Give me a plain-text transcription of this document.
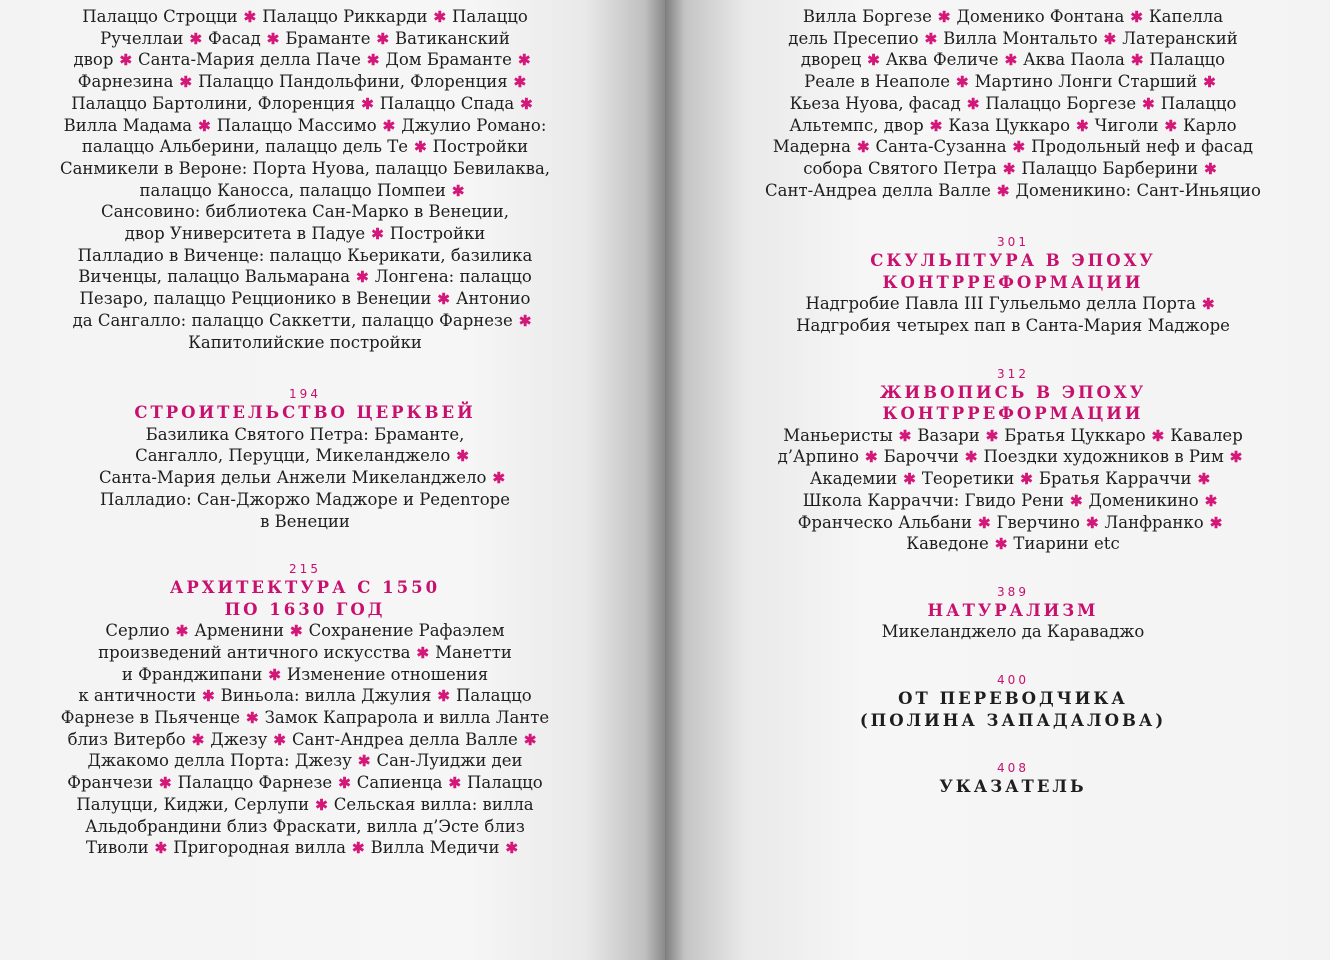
Палаццо Строцци ✱ Палаццо Риккарди ✱ Палаццо
Ручеллаи ✱ Фасад ✱ Браманте ✱ Ватиканский
двор ✱ Санта-Мария делла Паче ✱ Дом Браманте ✱
Фарнезина ✱ Палаццо Пандольфини, Флоренция ✱
Палаццо Бартолини, Флоренция ✱ Палаццо Спада ✱
Вилла Мадама ✱ Палаццо Массимо ✱ Джулио Романо:
палаццо Альберини, палаццо дель Те ✱ Постройки
Санмикели в Вероне: Порта Нуова, палаццо Бевилаква,
палаццо Каносса, палаццо Помпеи ✱
Сансовино: библиотека Сан-Марко в Венеции,
двор Университета в Падуе ✱ Постройки
Палладио в Виченце: палаццо Кьерикати, базилика
Виченцы, палаццо Вальмарана ✱ Лонгена: палаццо
Пезаро, палаццо Рецционико в Венеции ✱ Антонио
да Сангалло: палаццо Саккетти, палаццо Фарнезе ✱
Капитолийские постройки
194
СТРОИТЕЛЬСТВО ЦЕРКВЕЙ
Базилика Святого Петра: Браманте,
Сангалло, Перуцци, Микеланджело ✱
Санта-Мария дельи Анжели Микеланджело ✱
Палладио: Сан-Джоржо Маджоре и Редenторе
в Венеции
215
АРХИТЕКТУРА С 1550
ПО 1630 ГОД
Серлио ✱ Арменини ✱ Сохранение Рафаэлем
произведений античного искусства ✱ Манетти
и Франджипани ✱ Изменение отношения
к античности ✱ Виньола: вилла Джулия ✱ Палаццо
Фарнезе в Пьяченце ✱ Замок Капрарола и вилла Ланте
близ Витербо ✱ Джезу ✱ Сант-Андреа делла Валле ✱
Джакомо делла Порта: Джезу ✱ Сан-Луиджи деи
Франчези ✱ Палаццо Фарнезе ✱ Сапиенца ✱ Палаццо
Палуцци, Киджи, Серлупи ✱ Сельская вилла: вилла
Альдобрандини близ Фраскати, вилла д’Эсте близ
Тиволи ✱ Пригородная вилла ✱ Вилла Медичи ✱
Вилла Боргезе ✱ Доменико Фонтана ✱ Капелла
дель Пресепио ✱ Вилла Монтальто ✱ Латеранский
дворец ✱ Аква Феличе ✱ Аква Паола ✱ Палаццо
Реале в Неаполе ✱ Мартино Лонги Старший ✱
Кьеза Нуова, фасад ✱ Палаццо Боргезе ✱ Палаццо
Альтемпс, двор ✱ Каза Цуккаро ✱ Чиголи ✱ Карло
Мадерна ✱ Санта-Сузанна ✱ Продольный неф и фасад
собора Святого Петра ✱ Палаццо Барберини ✱
Сант-Андреа делла Валле ✱ Доменикино: Сант-Иньяцио
301
СКУЛЬПТУРА В ЭПОХУ
КОНТРРЕФОРМАЦИИ
Надгробие Павла III Гульельмо делла Порта ✱
Надгробия четырех пап в Санта-Мария Маджоре
312
ЖИВОПИСЬ В ЭПОХУ
КОНТРРЕФОРМАЦИИ
Маньеристы ✱ Вазари ✱ Братья Цуккаро ✱ Кавалер
д’Арпино ✱ Бароччи ✱ Поездки художников в Рим ✱
Академии ✱ Теоретики ✱ Братья Карраччи ✱
Школа Карраччи: Гвидо Рени ✱ Доменикино ✱
Франческо Альбани ✱ Гверчино ✱ Ланфранко ✱
Каведоне ✱ Тиарини etc
389
НАТУРАЛИЗМ
Микеланджело да Караваджо
400
ОТ ПЕРЕВОДЧИКА
(ПОЛИНА ЗАПАДАЛОВА)
408
УКАЗАТЕЛЬ
